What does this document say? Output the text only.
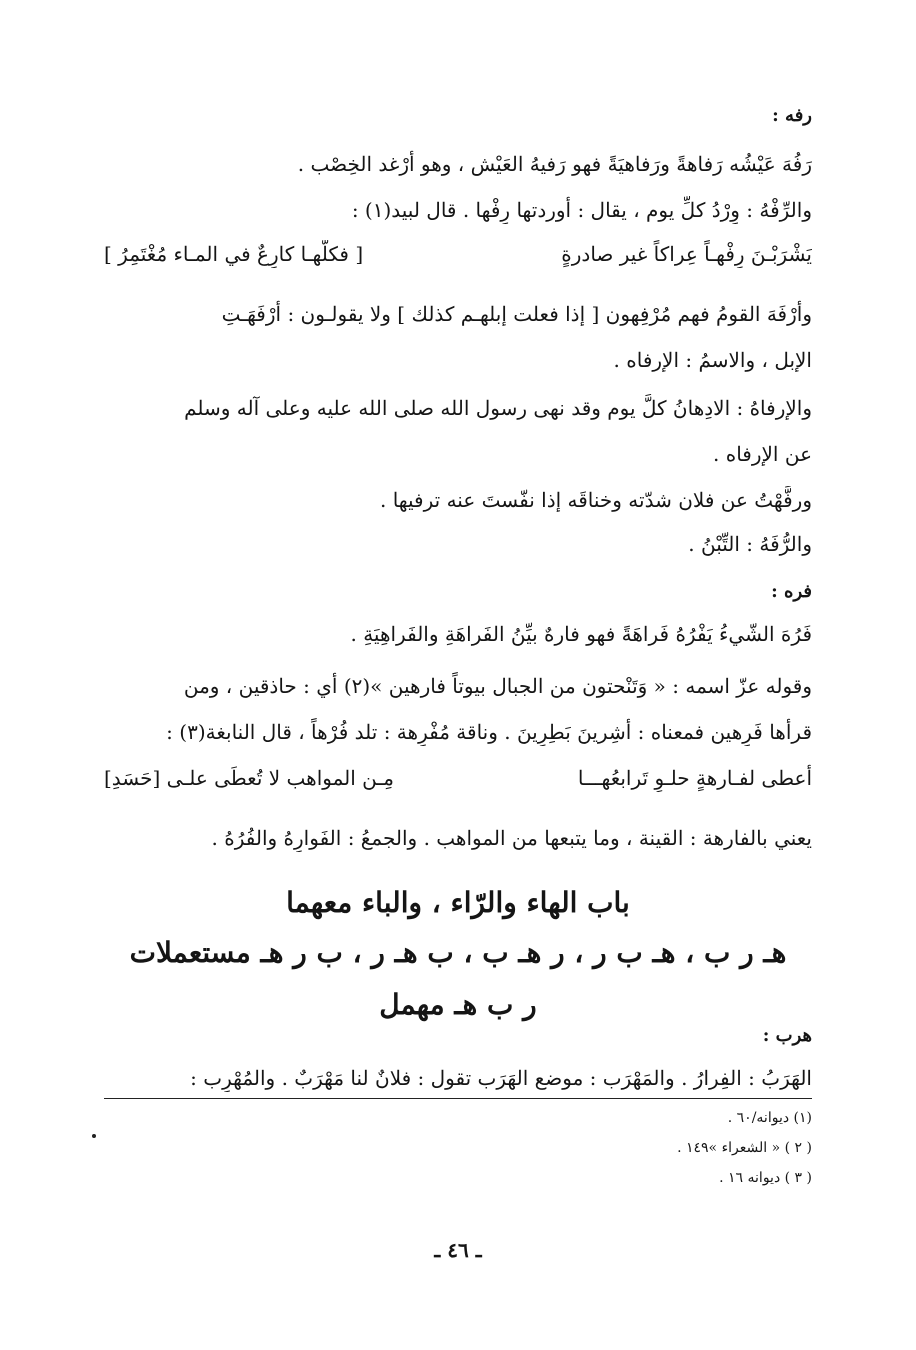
رفه :
رَفُهَ عَيْشُه رَفاهةً ورَفاهيَةً فهو رَفيهُ العَيْش ، وهو أَرْغد الخِصْب .
والرِّفْهُ : وِرْدُ كلِّ يوم ، يقال : أوردتها رِفْها . قال لبيد(١) :
يَشْرَبْـنَ رِفْهـاً عِراكاً غير صادرةٍ
[ فكلُّهـا كارِعٌ في المـاء مُغْتَمِرُ ]
وأرْفَهَ القومُ فهم مُرْفِهون [ إذا فعلت إبلهـم كذلك ] ولا يقولـون : أَرْفَهَـتِ
الإبل ، والاسمُ : الإرفاه .
والإرفاهُ : الادِهانُ كلَّ يوم وقد نهى رسول الله صلى الله عليه وعلى آله وسلم
عن الإرفاه .
ورفَّهْتُ عن فلان شدّته وخناقَه إذا نفّستَ عنه ترفيها .
والرُّفَهُ : التِّبْنُ .
فره :
فَرُهَ الشّيءُ يَفْرُهُ فَراهَةً فهو فارهٌ بيِّنُ الفَراهَةِ والفَراهِيَةِ .
وقوله عزّ اسمه : « وَتَنْحتون من الجبال بيوتاً فارهين »(٢) أي : حاذقين ، ومن
قرأها فَرِهين فمعناه : أشِرينَ بَطِرِينَ . وناقة مُفْرِهة : تلد فُرْهاً ، قال النابغة(٣) :
أعطى لفـارهةٍ حلـوٍ تَرابعُهـــا
مِـن المواهب لا تُعطَى علـى [حَسَدِ]
يعني بالفارهة : القينة ، وما يتبعها من المواهب . والجمعُ : الفَوارِهُ والفُرُهُ .
باب الهاء والرّاء ، والباء معهما
هـ ر ب ، هـ ب ر ، ر هـ ب ، ب هـ ر ، ب ر هـ مستعملات
ر ب هـ مهمل
هرب :
الهَرَبُ : الفِرارُ . والمَهْرَب : موضع الهَرَب تقول : فلانٌ لنا مَهْرَبٌ . والمُهْرِب :
(١) ديوانه/٦٠ .
( ٢ ) « الشعراء »١٤٩ .
( ٣ ) ديوانه ١٦ .
ـ ٤٦ ـ
